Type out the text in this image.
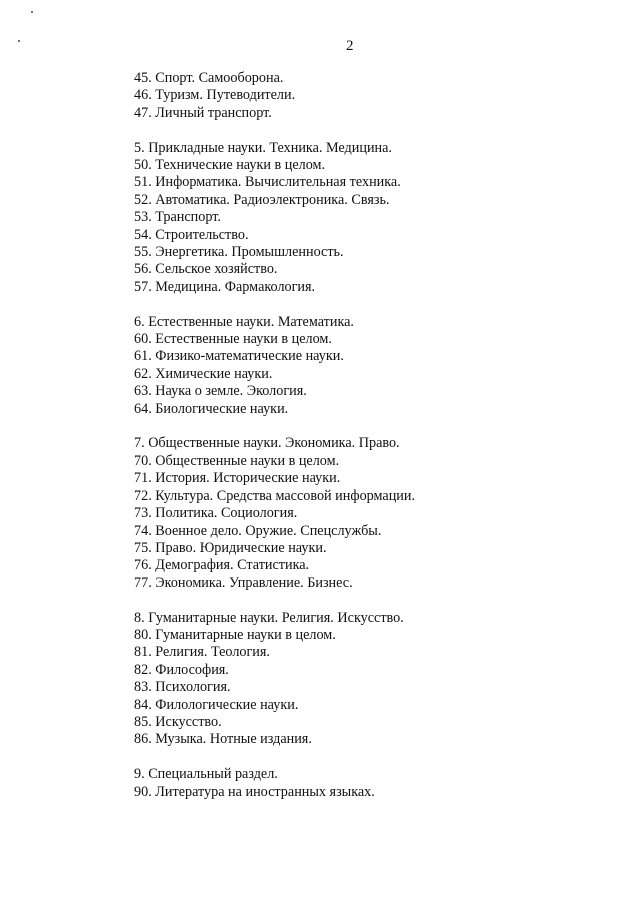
2
45. Спорт. Самооборона.
46. Туризм. Путеводители.
47. Личный транспорт.
5. Прикладные науки. Техника. Медицина.
50. Технические науки в целом.
51. Информатика. Вычислительная техника.
52. Автоматика. Радиоэлектроника. Связь.
53. Транспорт.
54. Строительство.
55. Энергетика. Промышленность.
56. Сельское хозяйство.
57. Медицина. Фармакология.
6. Естественные науки. Математика.
60. Естественные науки в целом.
61. Физико-математические науки.
62. Химические науки.
63. Наука о земле. Экология.
64. Биологические науки.
7. Общественные науки. Экономика. Право.
70. Общественные науки в целом.
71. История. Исторические науки.
72. Культура. Средства массовой информации.
73. Политика. Социология.
74. Военное дело. Оружие. Спецслужбы.
75. Право. Юридические науки.
76. Демография. Статистика.
77. Экономика. Управление. Бизнес.
8. Гуманитарные науки. Религия. Искусство.
80. Гуманитарные науки в целом.
81. Религия. Теология.
82. Философия.
83. Психология.
84. Филологические науки.
85. Искусство.
86. Музыка. Нотные издания.
9. Специальный раздел.
90. Литература на иностранных языках.
